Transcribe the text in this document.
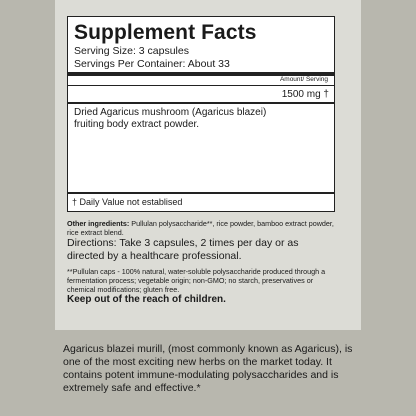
Supplement Facts
Serving Size: 3 capsules
Servings Per Container: About 33
Amount/ Serving
1500 mg †
Dried Agaricus mushroom (Agaricus blazei) fruiting body extract powder.
† Daily Value not establised
Other ingredients: Pullulan polysaccharide**, rice powder, bamboo extract powder, rice extract blend.
Directions: Take 3 capsules, 2 times per day or as directed by a healthcare professional.
**Pullulan caps - 100% natural, water-soluble polysaccharide produced through a fermentation process; vegetable origin; non-GMO; no starch, preservatives or chemical modifications; gluten free.
Keep out of the reach of children.
Agaricus blazei murill, (most commonly known as Agaricus), is one of the most exciting new herbs on the market today. It contains potent immune-modulating polysaccharides and is extremely safe and effective.*
